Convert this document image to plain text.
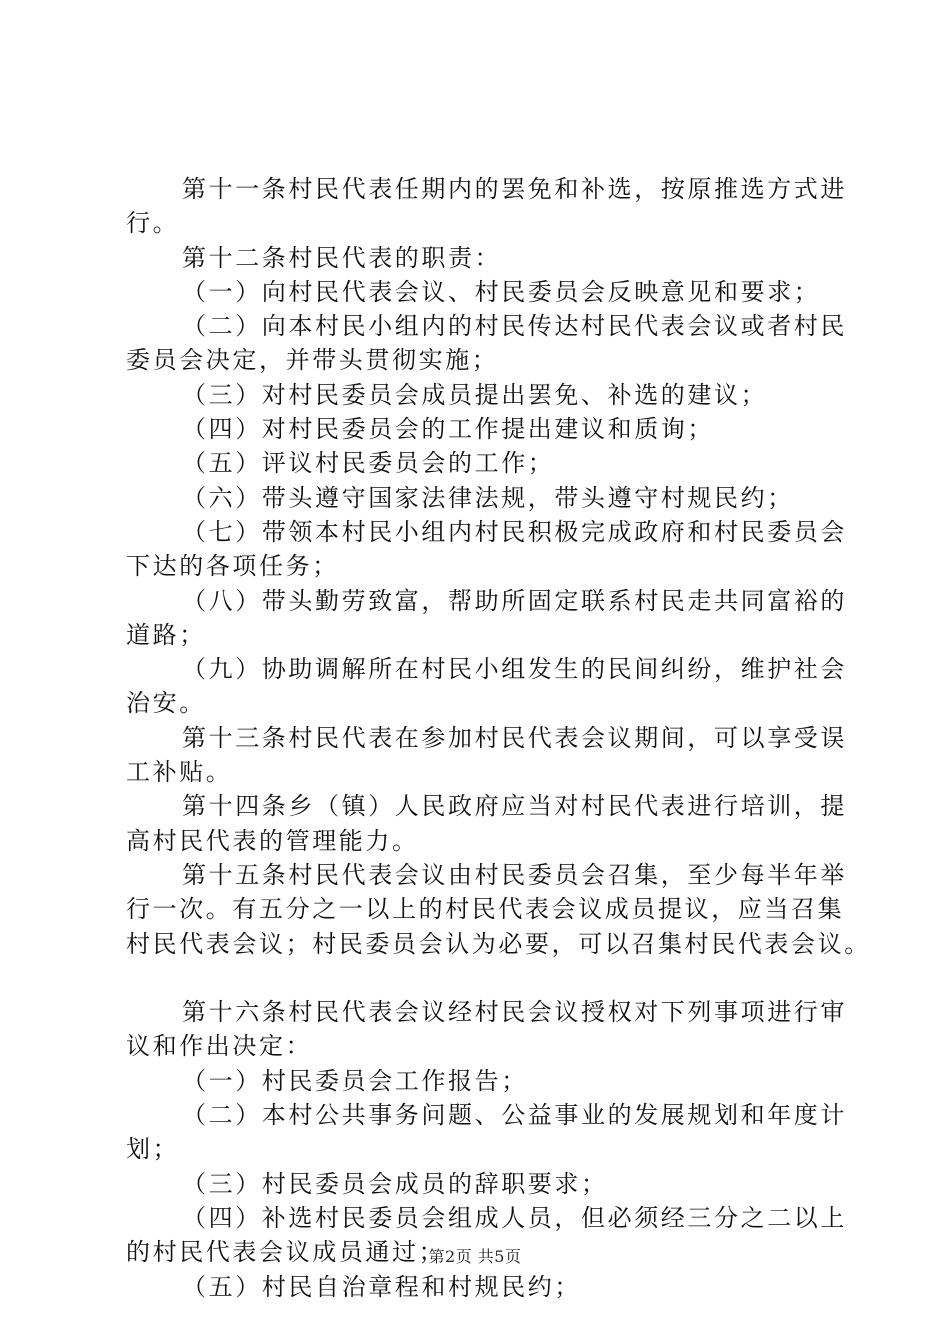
第十一条村民代表任期内的罢免和补选，按原推选方式进
行。
第十二条村民代表的职责：
（一）向村民代表会议、村民委员会反映意见和要求；
（二）向本村民小组内的村民传达村民代表会议或者村民
委员会决定，并带头贯彻实施；
（三）对村民委员会成员提出罢免、补选的建议；
（四）对村民委员会的工作提出建议和质询；
（五）评议村民委员会的工作；
（六）带头遵守国家法律法规，带头遵守村规民约；
（七）带领本村民小组内村民积极完成政府和村民委员会
下达的各项任务；
（八）带头勤劳致富，帮助所固定联系村民走共同富裕的
道路；
（九）协助调解所在村民小组发生的民间纠纷，维护社会
治安。
第十三条村民代表在参加村民代表会议期间，可以享受误
工补贴。
第十四条乡（镇）人民政府应当对村民代表进行培训，提
高村民代表的管理能力。
第十五条村民代表会议由村民委员会召集，至少每半年举
行一次。有五分之一以上的村民代表会议成员提议，应当召集
村民代表会议；村民委员会认为必要，可以召集村民代表会议。
第十六条村民代表会议经村民会议授权对下列事项进行审
议和作出决定：
（一）村民委员会工作报告；
（二）本村公共事务问题、公益事业的发展规划和年度计
划；
（三）村民委员会成员的辞职要求；
（四）补选村民委员会组成人员，但必须经三分之二以上
的村民代表会议成员通过；
（五）村民自治章程和村规民约；
第2页 共5页
